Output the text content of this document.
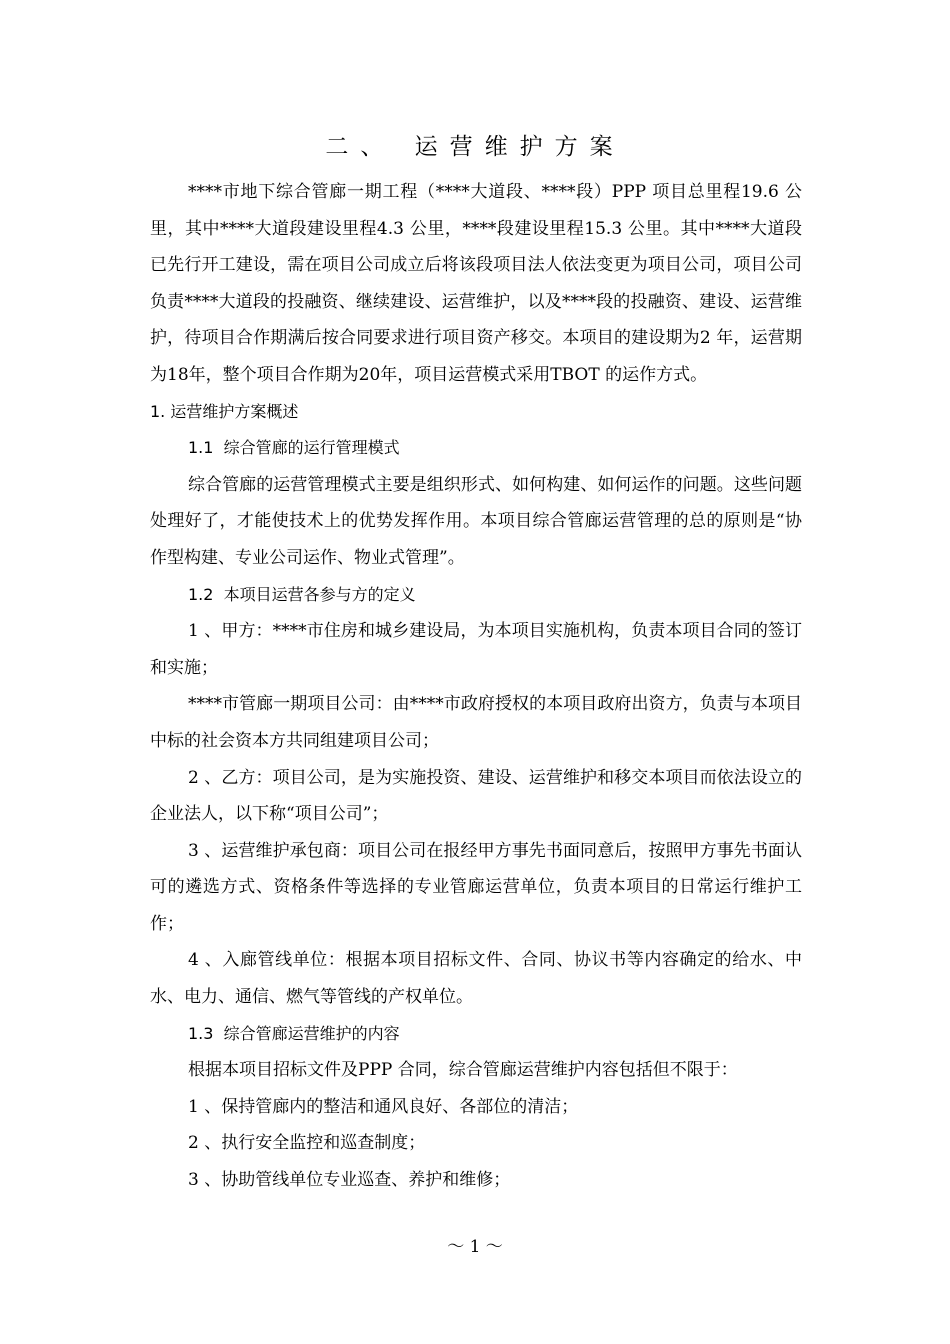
二、 运营维护方案

****市地下综合管廊一期工程（****大道段、****段）PPP 项目总里程19.6 公里，其中****大道段建设里程4.3 公里，****段建设里程15.3 公里。其中****大道段已先行开工建设，需在项目公司成立后将该段项目法人依法变更为项目公司，项目公司负责****大道段的投融资、继续建设、运营维护，以及****段的投融资、建设、运营维护，待项目合作期满后按合同要求进行项目资产移交。本项目的建设期为2 年，运营期为18年，整个项目合作期为20年，项目运营模式采用TBOT 的运作方式。

1. 运营维护方案概述

1.1  综合管廊的运行管理模式

综合管廊的运营管理模式主要是组织形式、如何构建、如何运作的问题。这些问题处理好了，才能使技术上的优势发挥作用。本项目综合管廊运营管理的总的原则是“协作型构建、专业公司运作、物业式管理”。

1.2  本项目运营各参与方的定义

1 、甲方：****市住房和城乡建设局，为本项目实施机构，负责本项目合同的签订和实施；

****市管廊一期项目公司：由****市政府授权的本项目政府出资方，负责与本项目中标的社会资本方共同组建项目公司；

2 、乙方：项目公司，是为实施投资、建设、运营维护和移交本项目而依法设立的企业法人，以下称“项目公司”；

3 、运营维护承包商：项目公司在报经甲方事先书面同意后，按照甲方事先书面认可的遴选方式、资格条件等选择的专业管廊运营单位，负责本项目的日常运行维护工作；

4 、入廊管线单位：根据本项目招标文件、合同、协议书等内容确定的给水、中水、电力、通信、燃气等管线的产权单位。

1.3  综合管廊运营维护的内容

根据本项目招标文件及PPP 合同，综合管廊运营维护内容包括但不限于：

1 、保持管廊内的整洁和通风良好、各部位的清洁；

2 、执行安全监控和巡查制度；

3 、协助管线单位专业巡查、养护和维修；

～ 1 ～
